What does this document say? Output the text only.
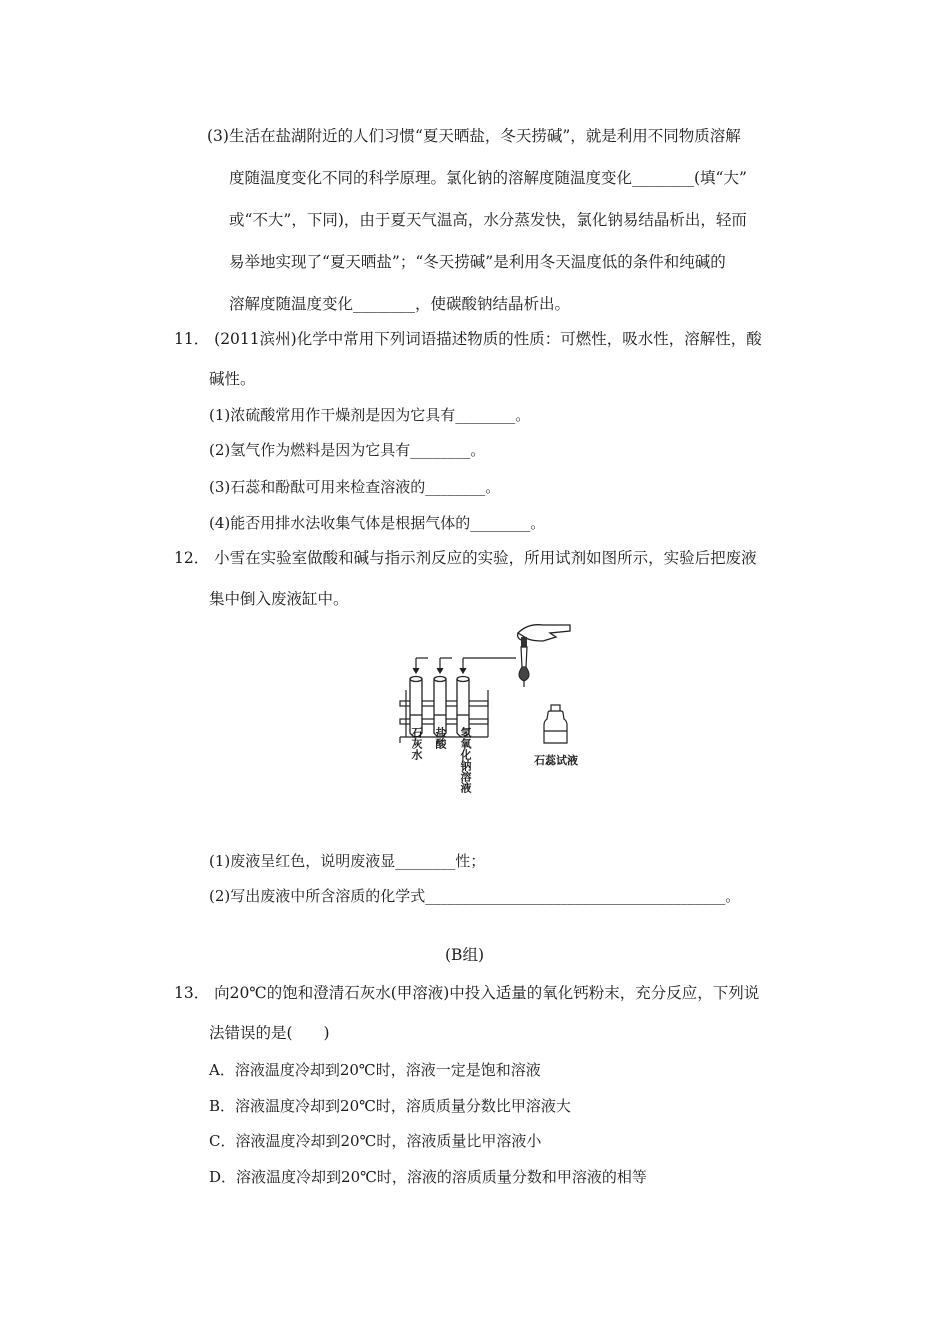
(3)生活在盐湖附近的人们习惯“夏天晒盐，冬天捞碱”，就是利用不同物质溶解
度随温度变化不同的科学原理。氯化钠的溶解度随温度变化________(填“大”
或“不大”，下同)，由于夏天气温高，水分蒸发快，氯化钠易结晶析出，轻而
易举地实现了“夏天晒盐”；“冬天捞碱”是利用冬天温度低的条件和纯碱的
溶解度随温度变化________，使碳酸钠结晶析出。
11． (2011滨州)化学中常用下列词语描述物质的性质：可燃性，吸水性，溶解性，酸
碱性。
(1)浓硫酸常用作干燥剂是因为它具有________。
(2)氢气作为燃料是因为它具有________。
(3)石蕊和酚酞可用来检查溶液的________。
(4)能否用排水法收集气体是根据气体的________。
12． 小雪在实验室做酸和碱与指示剂反应的实验，所用试剂如图所示，实验后把废液
集中倒入废液缸中。
石灰水 盐酸 氢氧化钠溶液	石蕊试液
(1)废液呈红色，说明废液显________性；
(2)写出废液中所含溶质的化学式________________________________________。
(B组)
13． 向20℃的饱和澄清石灰水(甲溶液)中投入适量的氧化钙粉末，充分反应，下列说
法错误的是(　　)
A．溶液温度冷却到20℃时，溶液一定是饱和溶液
B．溶液温度冷却到20℃时，溶质质量分数比甲溶液大
C．溶液温度冷却到20℃时，溶液质量比甲溶液小
D．溶液温度冷却到20℃时，溶液的溶质质量分数和甲溶液的相等
